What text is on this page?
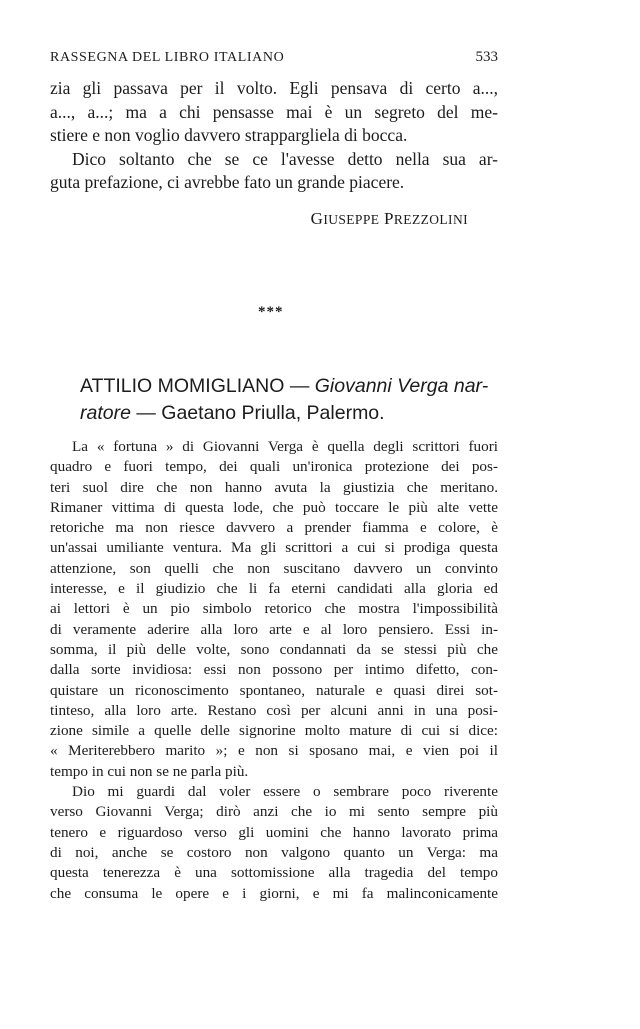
RASSEGNA DEL LIBRO ITALIANO	533
zia gli passava per il volto. Egli pensava di certo a...,
a..., a...; ma a chi pensasse mai è un segreto del me-
stiere e non voglio davvero strappargliela di bocca.
Dico soltanto che se ce l'avesse detto nella sua ar-
guta prefazione, ci avrebbe fato un grande piacere.
GIUSEPPE PREZZOLINI
***
ATTILIO MOMIGLIANO — Giovanni Verga nar-
ratore — Gaetano Priulla, Palermo.
La « fortuna » di Giovanni Verga è quella degli scrittori fuori
quadro e fuori tempo, dei quali un'ironica protezione dei pos-
teri suol dire che non hanno avuta la giustizia che meritano.
Rimaner vittima di questa lode, che può toccare le più alte vette
retoriche ma non riesce davvero a prender fiamma e colore, è
un'assai umiliante ventura. Ma gli scrittori a cui si prodiga questa
attenzione, son quelli che non suscitano davvero un convinto
interesse, e il giudizio che li fa eterni candidati alla gloria ed
ai lettori è un pio simbolo retorico che mostra l'impossibilità
di veramente aderire alla loro arte e al loro pensiero. Essi in-
somma, il più delle volte, sono condannati da se stessi più che
dalla sorte invidiosa: essi non possono per intimo difetto, con-
quistare un riconoscimento spontaneo, naturale e quasi direi sot-
tinteso, alla loro arte. Restano così per alcuni anni in una posi-
zione simile a quelle delle signorine molto mature di cui si dice:
« Meriterebbero marito »; e non si sposano mai, e vien poi il
tempo in cui non se ne parla più.
Dio mi guardi dal voler essere o sembrare poco riverente
verso Giovanni Verga; dirò anzi che io mi sento sempre più
tenero e riguardoso verso gli uomini che hanno lavorato prima
di noi, anche se costoro non valgono quanto un Verga: ma
questa tenerezza è una sottomissione alla tragedia del tempo
che consuma le opere e i giorni, e mi fa malinconicamente
